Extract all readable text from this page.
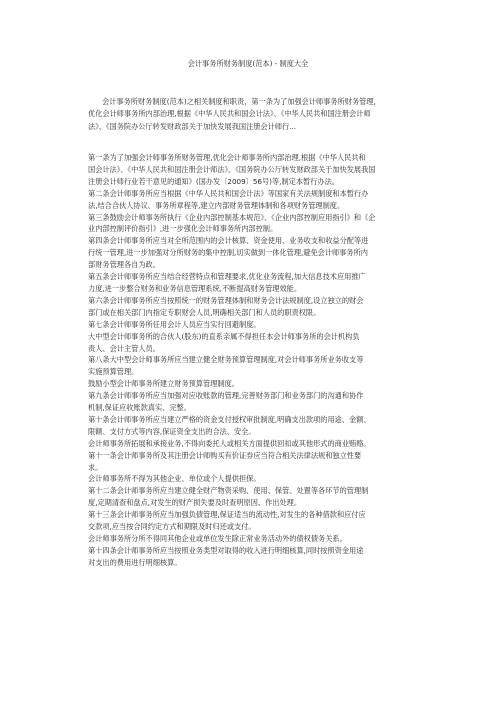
会计事务所财务制度(范本) - 制度大全

会计事务所财务制度(范本)之相关制度和职责，第一条为了加强会计师事务所财务管理,
优化会计师事务所内部治理,根据《中华人民共和国会计法》、《中华人民共和国注册会计师
法》、《国务院办公厅转发财政部关于加快发展我国注册会计师行...

第一条为了加强会计师事务所财务管理,优化会计师事务所内部治理,根据《中华人民共和
国会计法》、《中华人民共和国注册会计师法》、《国务院办公厅转发财政部关于加快发展我国
注册会计师行业若干意见的通知》(国办发〔2009〕56号)等,制定本暂行办法。

第二条会计师事务所应当根据《中华人民共和国会计法》等国家有关法规制度和本暂行办
法,结合合伙人协议、事务所章程等,建立内部财务管理体制和各项财务管理制度。

第三条鼓励会计师事务所执行《企业内部控制基本规范》、《企业内部控制应用指引》和《企
业内部控制评价指引》,进一步强化会计师事务所内部控制。

第四条会计师事务所应当对全所范围内的会计核算、资金使用、业务收支和收益分配等进
行统一管理,进一步加强对分所财务的集中控制,切实做到一体化管理,避免会计师事务所内
部财务管理各自为政。

第五条会计师事务所应当结合经营特点和管理要求,优化业务流程,加大信息技术应用推广
力度,进一步整合财务和业务信息管理系统,不断提高财务管理效能。

第六条会计师事务所应当按照统一的财务管理体制和财务会计法规制度,设立独立的财会
部门或在相关部门内指定专职财会人员,明确相关部门和人员的职责权限。

第七条会计师事务所任用会计人员应当实行回避制度。

大中型会计师事务所的合伙人(股东)的直系亲属不得担任本会计师事务所的会计机构负
责人、会计主管人员。

第八条大中型会计师事务所应当建立健全财务预算管理制度,对会计师事务所业务收支等
实施预算管理。

鼓励小型会计师事务所建立财务预算管理制度。

第九条会计师事务所应当加强对应收账款的管理,完善财务部门和业务部门的沟通和协作
机制,保证应收账款真实、完整。

第十条会计师事务所应当建立严格的资金支付授权审批制度,明确支出款项的用途、金额、
限额、支付方式等内容,保证资金支出的合法、安全。

会计师事务所拓展和承接业务,不得向委托人或相关方面提供回扣或其他形式的商业贿赂。

第十一条会计师事务所及其注册会计师购买有价证券应当符合相关法律法规和独立性要
求。

会计师事务所不得为其他企业、单位或个人提供担保。

第十二条会计师事务所应当建立健全财产物资采购、使用、保管、处置等各环节的管理制
度,定期清查和盘点,对发生的财产损失要及时查明原因、作出处理。

第十三条会计师事务所应当加强负债管理,保证适当的流动性,对发生的各种借款和应付应
交款项,应当按合同约定方式和期限及时归还或支付。

会计师事务所分所不得同其他企业或单位发生除正常业务活动外的债权债务关系。

第十四条会计师事务所应当按照业务类型对取得的收入进行明细核算,同时按照资金用途
对支出的费用进行明细核算。
